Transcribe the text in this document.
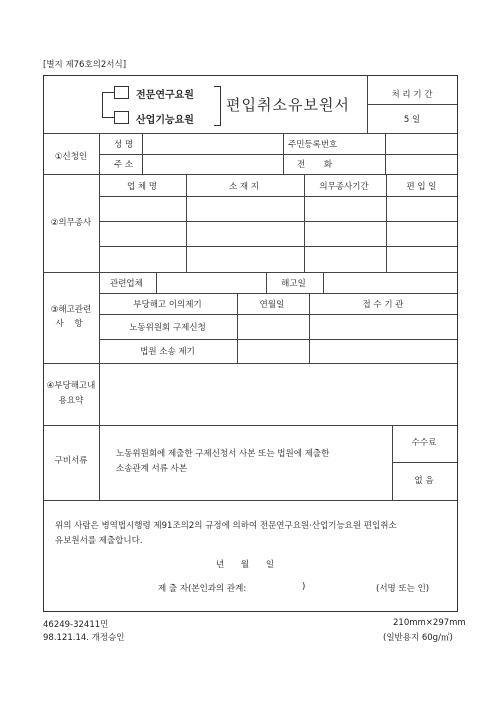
[별지 제76호의2서식]
전문연구요원
산업기능요원
편입취소유보원서
처 리 기 간
5 일
①신청인
성 명	주민등록번호
주 소	전 화
②의무종사
업 체 명	소 재 지	의무종사기간	편 입 일
③해고관련
사 항
관련업체	해고일
부당해고 이의제기	연월일	접 수 기 관
노동위원회 구제신청
법원 소송 제기
④부당해고내
용요약
구비서류
노동위원회에 제출한 구제신청서 사본 또는 법원에 제출한
소송관계 서류 사본
수수료
없 음
위의 사람은 병역법시행령 제91조의2의 규정에 의하여 전문연구요원·산업기능요원 편입취소
유보원서를 제출합니다.
년 월 일
제 출 자(본인과의 관계:	)	(서명 또는 인)
46249-32411민
98.121.14. 개정승인
210mm×297mm
(일반용지 60g/㎡)
